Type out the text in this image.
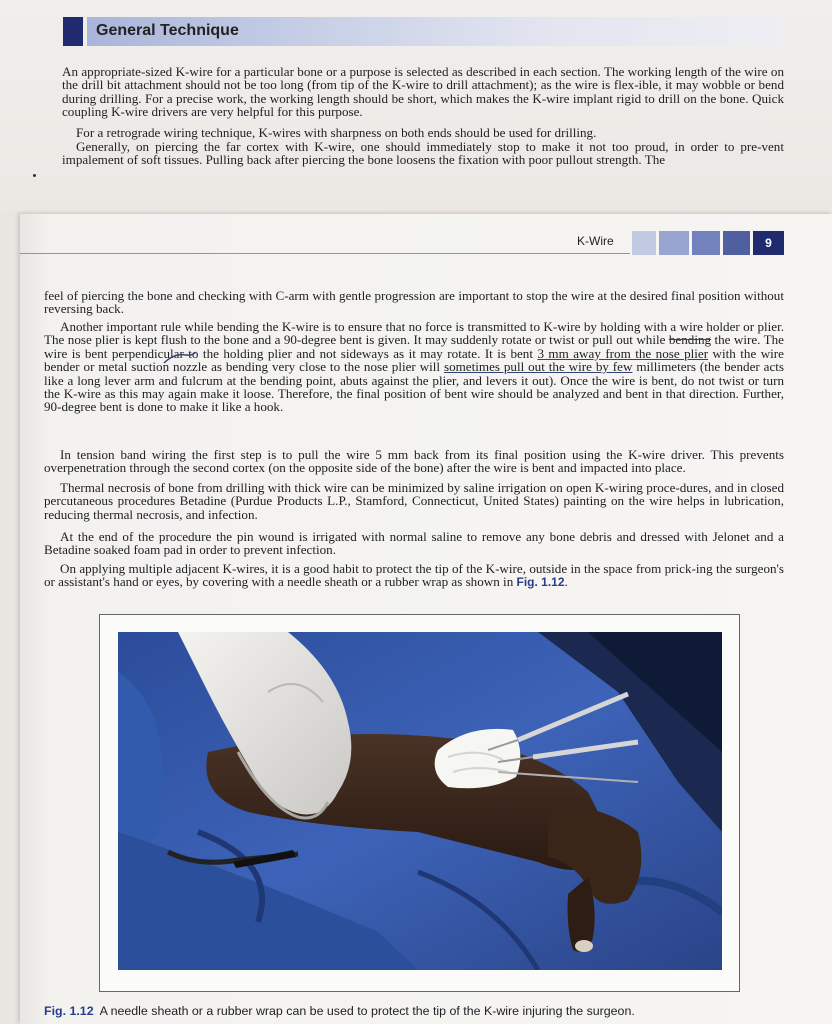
General Technique

An appropriate-sized K-wire for a particular bone or a purpose is selected as described in each section. The working length of the wire on the drill bit attachment should not be too long (from tip of the K-wire to drill attachment); as the wire is flex-ible, it may wobble or bend during drilling. For a precise work, the working length should be short, which makes the K-wire implant rigid to drill on the bone. Quick coupling K-wire drivers are very helpful for this purpose.

For a retrograde wiring technique, K-wires with sharpness on both ends should be used for drilling.

Generally, on piercing the far cortex with K-wire, one should immediately stop to make it not too proud, in order to pre-vent impalement of soft tissues. Pulling back after piercing the bone loosens the fixation with poor pullout strength. The

K-Wire	9

feel of piercing the bone and checking with C-arm with gentle progression are important to stop the wire at the desired final position without reversing back.

Another important rule while bending the K-wire is to ensure that no force is transmitted to K-wire by holding with a wire holder or plier. The nose plier is kept flush to the bone and a 90-degree bent is given. It may suddenly rotate or twist or pull out while bending the wire. The wire is bent perpendicular to the holding plier and not sideways as it may rotate. It is bent 3 mm away from the nose plier with the wire bender or metal suction nozzle as bending very close to the nose plier will sometimes pull out the wire by few millimeters (the bender acts like a long lever arm and fulcrum at the bending point, abuts against the plier, and levers it out). Once the wire is bent, do not twist or turn the K-wire as this may again make it loose. Therefore, the final position of bent wire should be analyzed and bent in that direction. Further, 90-degree bent is done to make it like a hook.

In tension band wiring the first step is to pull the wire 5 mm back from its final position using the K-wire driver. This prevents overpenetration through the second cortex (on the opposite side of the bone) after the wire is bent and impacted into place.

Thermal necrosis of bone from drilling with thick wire can be minimized by saline irrigation on open K-wiring proce-dures, and in closed percutaneous procedures Betadine (Purdue Products L.P., Stamford, Connecticut, United States) painting on the wire helps in lubrication, reducing thermal necrosis, and infection.

At the end of the procedure the pin wound is irrigated with normal saline to remove any bone debris and dressed with Jelonet and a Betadine soaked foam pad in order to prevent infection.

On applying multiple adjacent K-wires, it is a good habit to protect the tip of the K-wire, outside in the space from prick-ing the surgeon's or assistant's hand or eyes, by covering with a needle sheath or a rubber wrap as shown in Fig. 1.12.

Fig. 1.12 A needle sheath or a rubber wrap can be used to protect the tip of the K-wire injuring the surgeon.
